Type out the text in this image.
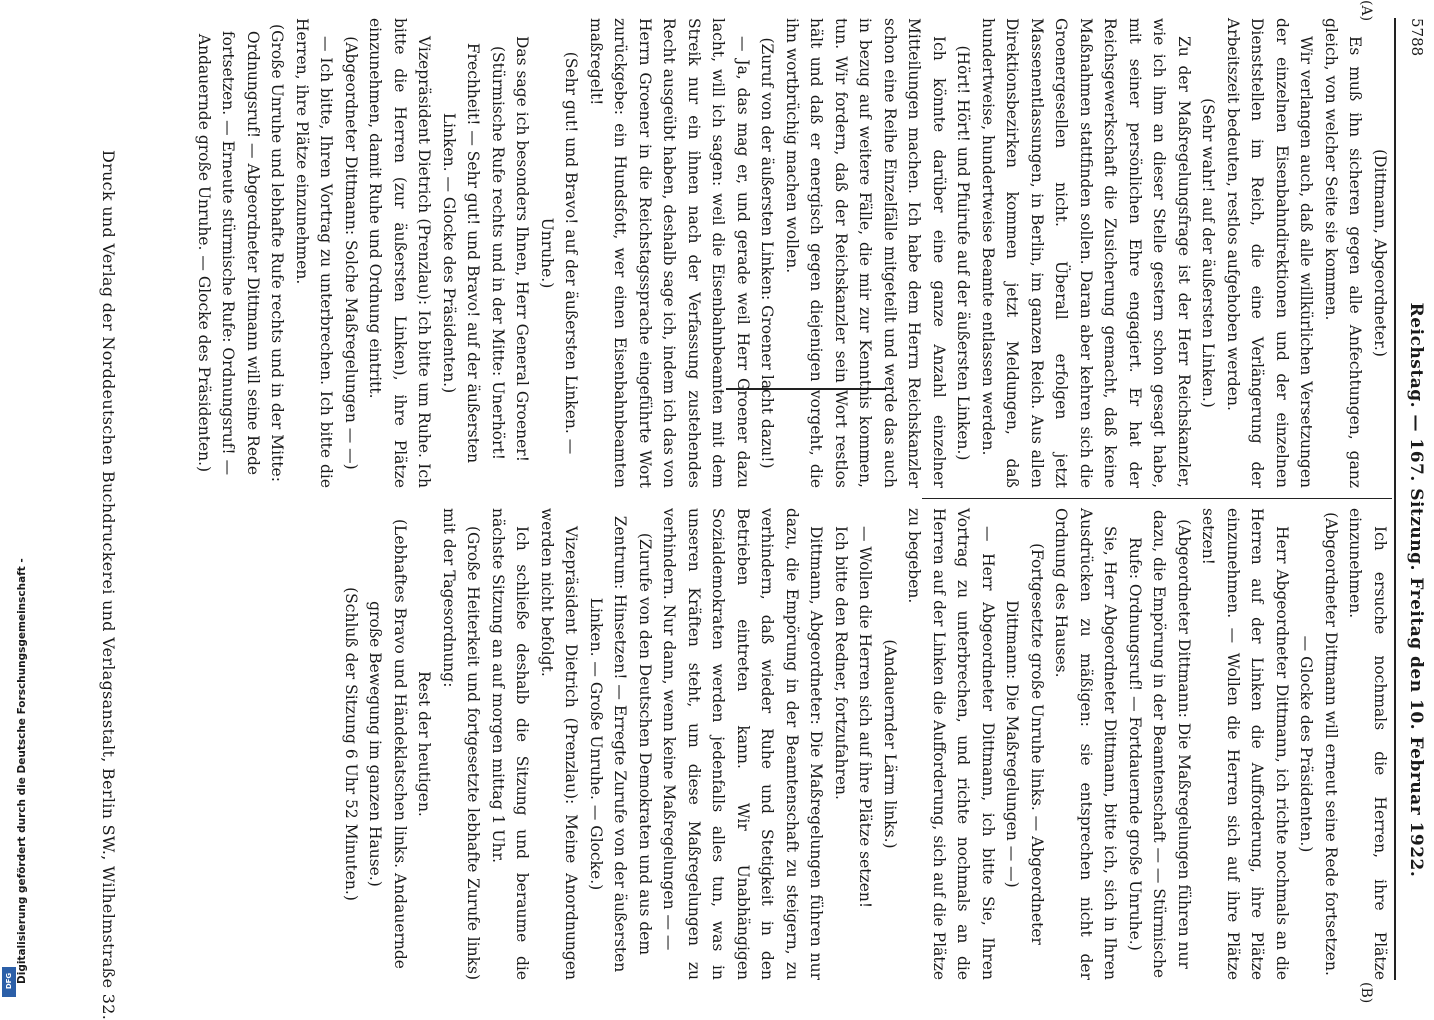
5788
Reichstag. — 167. Sitzung. Freitag den 10. Februar 1922.
(A)
(B)

(Dittmann, Abgeordneter.)

Es muß ihn sicheren gegen alle Anfechtungen, ganz gleich, von welcher Seite sie kommen.

Wir verlangen auch, daß alle willkürlichen Versetzungen der einzelnen Eisenbahndirektionen und der einzelnen Dienststellen im Reich, die eine Verlängerung der Arbeitszeit bedeuten, restlos aufgehoben werden.

(Sehr wahr! auf der äußersten Linken.)

Zu der Maßregelungsfrage ist der Herr Reichskanzler, wie ich ihm an dieser Stelle gestern schon gesagt habe, mit seiner persönlichen Ehre engagiert. Er hat der Reichsgewerkschaft die Zusicherung gemacht, daß keine Maßnahmen stattfinden sollen. Daran aber kehren sich die Groenergesellen nicht. Überall erfolgen jetzt Massenentlassungen, in Berlin, im ganzen Reich. Aus allen Direktionsbezirken kommen jetzt Meldungen, daß hundertweise, hundertweise Beamte entlassen werden.

(Hört! Hört! und Pfuirufe auf der äußersten Linken.)

Ich könnte darüber eine ganze Anzahl einzelner Mitteilungen machen. Ich habe dem Herrn Reichskanzler schon eine Reihe Einzelfälle mitgeteilt und werde das auch in bezug auf weitere Fälle, die mir zur Kenntnis kommen, tun. Wir fordern, daß der Reichskanzler sein Wort restlos hält und daß er energisch gegen diejenigen vorgeht, die ihn wortbrüchig machen wollen.

(Zuruf von der äußersten Linken: Groener lacht dazu!)

— Ja, das mag er, und gerade weil Herr Groener dazu lacht, will ich sagen: weil die Eisenbahnbeamten mit dem Streik nur ein ihnen nach der Verfassung zustehendes Recht ausgeübt haben, deshalb sage ich, indem ich das von Herrn Groener in die Reichstagssprache eingeführte Wort zurückgebe: ein Hundsfott, wer einen Eisenbahnbeamten maßregelt!

(Sehr gut! und Bravo! auf der äußersten Linken. — Unruhe.)

Das sage ich besonders Ihnen, Herr General Groener!

(Stürmische Rufe rechts und in der Mitte: Unerhört! Frechheit! — Sehr gut! und Bravo! auf der äußersten Linken. — Glocke des Präsidenten.)

Vizepräsident Dietrich (Prenzlau): Ich bitte um Ruhe. Ich bitte die Herren (zur äußersten Linken), ihre Plätze einzunehmen, damit Ruhe und Ordnung eintritt.

(Abgeordneter Dittmann: Solche Maßregelungen — —)

— Ich bitte, Ihren Vortrag zu unterbrechen. Ich bitte die Herren, ihre Plätze einzunehmen.

(Große Unruhe und lebhafte Rufe rechts und in der Mitte: Ordnungsruf! — Abgeordneter Dittmann will seine Rede fortsetzen. — Erneute stürmische Rufe: Ordnungsruf! — Andauernde große Unruhe. — Glocke des Präsidenten.)

Ich ersuche nochmals die Herren, ihre Plätze einzunehmen.

(Abgeordneter Dittmann will erneut seine Rede fortsetzen. — Glocke des Präsidenten.)

Herr Abgeordneter Dittmann, ich richte nochmals an die Herren auf der Linken die Aufforderung, ihre Plätze einzunehmen. — Wollen die Herren sich auf ihre Plätze setzen!

(Abgeordneter Dittmann: Die Maßregelungen führen nur dazu, die Empörung in der Beamtenschaft — — Stürmische Rufe: Ordnungsruf! — Fortdauernde große Unruhe.)

Sie, Herr Abgeordneter Dittmann, bitte ich, sich in Ihren Ausdrücken zu mäßigen: sie entsprechen nicht der Ordnung des Hauses.

(Fortgesetzte große Unruhe links. — Abgeordneter Dittmann: Die Maßregelungen — —)

— Herr Abgeordneter Dittmann, ich bitte Sie, Ihren Vortrag zu unterbrechen, und richte nochmals an die Herren auf der Linken die Aufforderung, sich auf die Plätze zu begeben.

(Andauernder Lärm links.)

— Wollen die Herren sich auf ihre Plätze setzen!

Ich bitte den Redner, fortzufahren.

Dittmann, Abgeordneter: Die Maßregelungen führen nur dazu, die Empörung in der Beamtenschaft zu steigern, zu verhindern, daß wieder Ruhe und Stetigkeit in den Betrieben eintreten kann. Wir Unabhängigen Sozialdemokraten werden jedenfalls alles tun, was in unseren Kräften steht, um diese Maßregelungen zu verhindern. Nur dann, wenn keine Maßregelungen — —

(Zurufe von den Deutschen Demokraten und aus dem Zentrum: Hinsetzen! — Erregte Zurufe von der äußersten Linken. — Große Unruhe. — Glocke.)

Vizepräsident Dietrich (Prenzlau): Meine Anordnungen werden nicht befolgt.

Ich schließe deshalb die Sitzung und beraume die nächste Sitzung an auf morgen mittag 1 Uhr.

(Große Heiterkeit und fortgesetzte lebhafte Zurufe links) mit der Tagesordnung:

Rest der heutigen.

(Lebhaftes Bravo und Händeklatschen links. Andauernde große Bewegung im ganzen Hause.)

(Schluß der Sitzung 6 Uhr 52 Minuten.)

Druck und Verlag der Norddeutschen Buchdruckerei und Verlagsanstalt, Berlin SW., Wilhelmstraße 32.
Digitalisierung gefördert durch die Deutsche Forschungsgemeinschaft -
DFG
